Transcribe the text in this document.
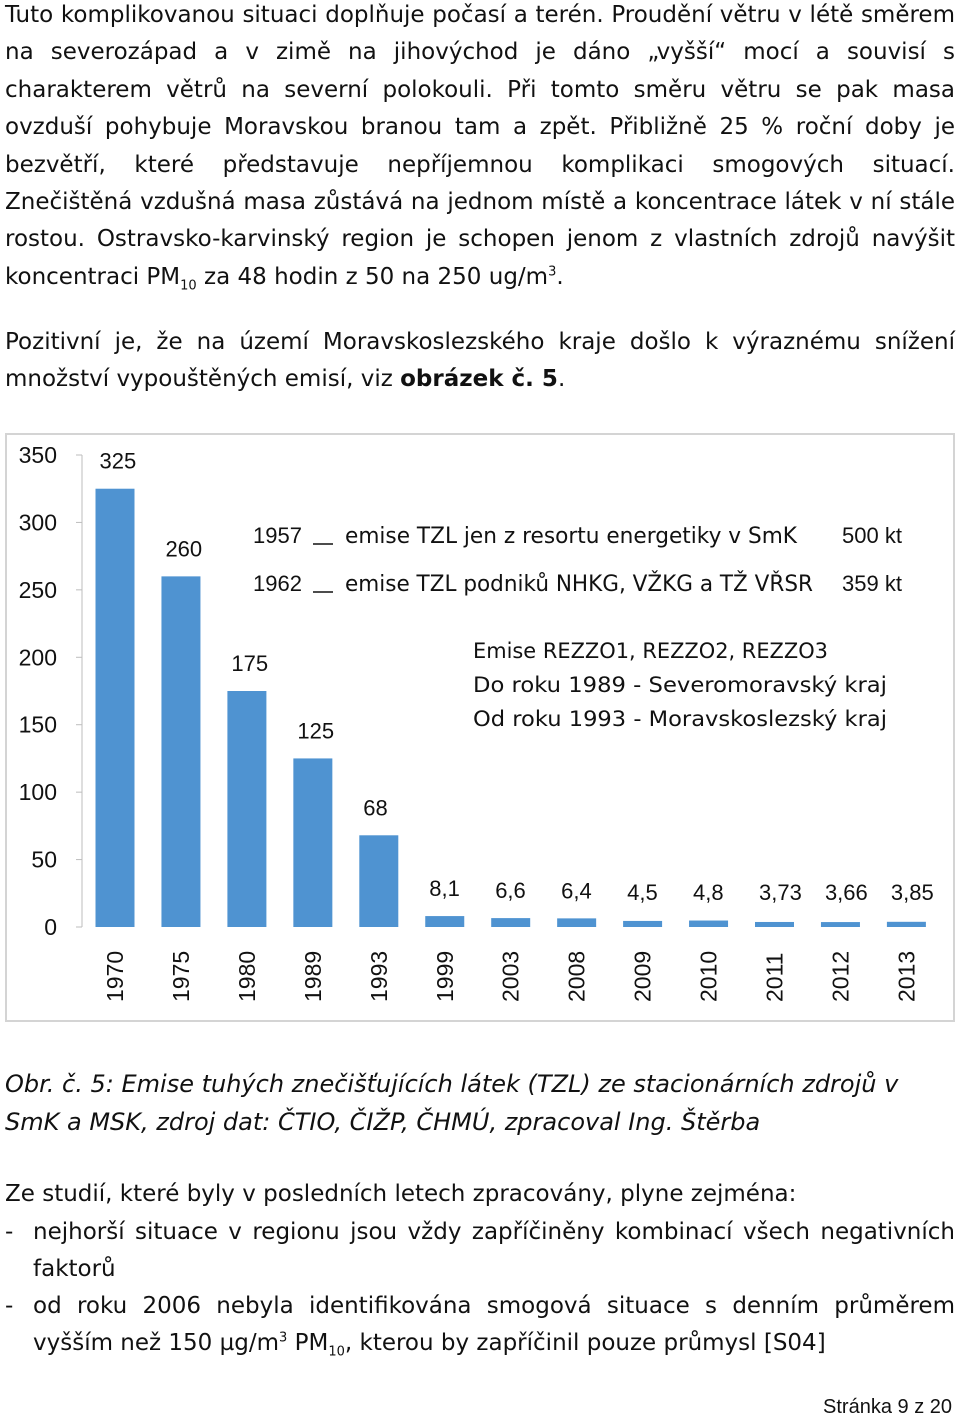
Tuto komplikovanou situaci doplňuje počasí a terén. Proudění větru v létě směrem na severozápad a v zimě na jihovýchod je dáno „vyšší“ mocí a souvisí s charakterem větrů na severní polokouli. Při tomto směru větru se pak masa ovzduší pohybuje Moravskou branou tam a zpět. Přibližně 25 % roční doby je bezvětří, které představuje nepříjemnou komplikaci smogových situací. Znečištěná vzdušná masa zůstává na jednom místě a koncentrace látek v ní stále rostou. Ostravsko-karvinský region je schopen jenom z vlastních zdrojů navýšit koncentraci $PM_{10}$ za 48 hodin z 50 na 250 $ug/m^3$.

Pozitivní je, že na území Moravskoslezského kraje došlo k výraznému snížení množství vypouštěných emisí, viz obrázek č. 5.

0
50
100
150
200
250
300
350 325
260
175
125
68
8,1 6,6 6,4 4,5 4,8 3,73 3,66 3,85
1970 1975 1980 1989 1993 1999 2003 2008 2009 2010 2011 2012 2013
1957 emise TZL jen z resortu energetiky v SmK 500 kt
1962 emise TZL podniků NHKG, VŽKG a TŽ VŘSR 359 kt
Emise REZZO1, REZZO2, REZZO3
Do roku 1989 - Severomoravský kraj
Od roku 1993 - Moravskoslezský kraj

Obr. č. 5: Emise tuhých znečišťujících látek (TZL) ze stacionárních zdrojů v SmK a MSK, zdroj dat: ČTIO, ČIŽP, ČHMÚ, zpracoval Ing. Štěrba

Ze studií, které byly v posledních letech zpracovány, plyne zejména:

- nejhorší situace v regionu jsou vždy zapříčiněny kombinací všech negativních faktorů
- od roku 2006 nebyla identifikována smogová situace s denním průměrem vyšším než 150 $\mu g/m^3$ $PM_{10}$, kterou by zapříčinil pouze průmysl [S04]
Stránka 9 z 20
